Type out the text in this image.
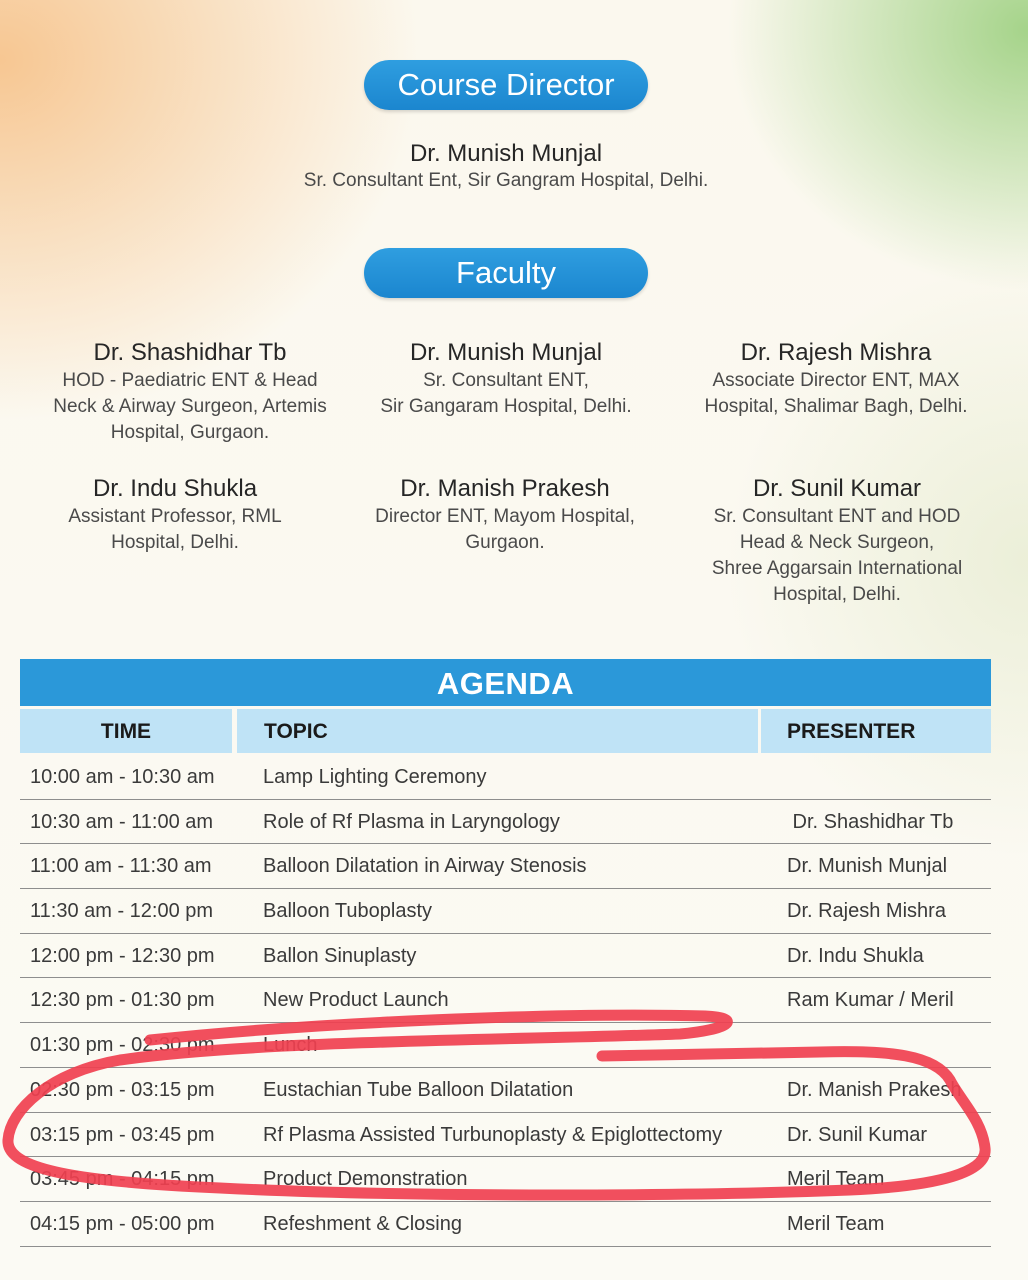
Course Director
Dr. Munish Munjal
Sr. Consultant Ent, Sir Gangram Hospital, Delhi.
Faculty
Dr. Shashidhar Tb
HOD - Paediatric ENT & Head
Neck & Airway Surgeon, Artemis
Hospital, Gurgaon.
Dr. Munish Munjal
Sr. Consultant ENT,
Sir Gangaram Hospital, Delhi.
Dr. Rajesh Mishra
Associate Director ENT, MAX
Hospital, Shalimar Bagh, Delhi.
Dr. Indu Shukla
Assistant Professor, RML
Hospital, Delhi.
Dr. Manish Prakesh
Director ENT, Mayom Hospital,
Gurgaon.
Dr. Sunil Kumar
Sr. Consultant ENT and HOD
Head & Neck Surgeon,
Shree Aggarsain International
Hospital, Delhi.
AGENDA
TIME	TOPIC	PRESENTER
10:00 am - 10:30 am Lamp Lighting Ceremony
10:30 am - 11:00 am Role of Rf Plasma in Laryngology	Dr. Shashidhar Tb
11:00 am - 11:30 am	Balloon Dilatation in Airway Stenosis	Dr. Munish Munjal
11:30 am - 12:00 pm Balloon Tuboplasty	Dr. Rajesh Mishra
12:00 pm - 12:30 pm Ballon Sinuplasty	Dr. Indu Shukla
12:30 pm - 01:30 pm New Product Launch	Ram Kumar / Meril
01:30 pm - 02:30 pm Lunch
02:30 pm - 03:15 pm Eustachian Tube Balloon Dilatation	Dr. Manish Prakesh
03:15 pm - 03:45 pm Rf Plasma Assisted Turbunoplasty & Epiglottectomy	Dr. Sunil Kumar
03:45 pm - 04:15 pm Product Demonstration	Meril Team
04:15 pm - 05:00 pm Refeshment & Closing	Meril Team
